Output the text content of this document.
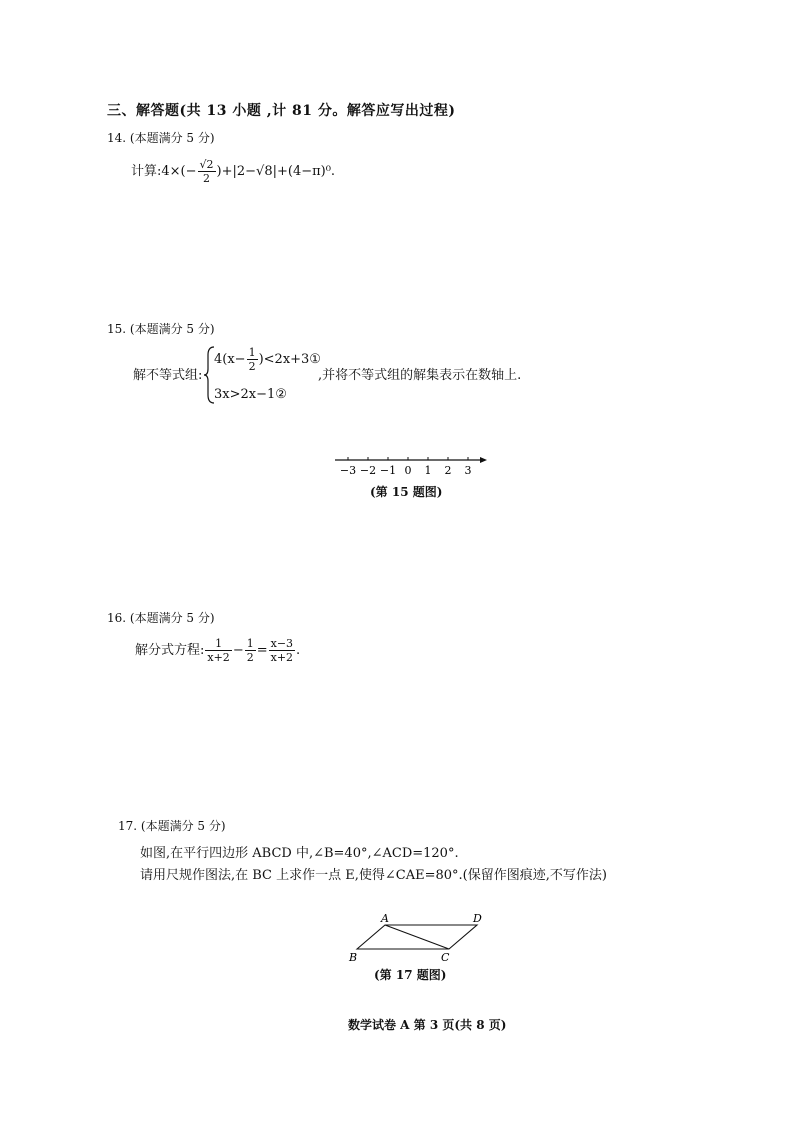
三、解答题(共 13 小题 ,计 81 分。解答应写出过程)
14. (本题满分 5 分)
计算:4×(− $\frac{√2}{2} )+|2-√8|+(4-\pi)^0$.
15. (本题满分 5 分)
解不等式组:
$4(x- \frac{1}{2}$ )<2x+3①
3x>2x−1②
,并将不等式组的解集表示在数轴上.
−3 −2 −1 0 1 2 3
(第 15 题图)
16. (本题满分 5 分)
解分式方程: $\frac{1}{x+2} - \frac{1}{2} = \frac{x-3}{x+2}$ .
17. (本题满分 5 分)
如图,在平行四边形 ABCD 中,∠B=40°,∠ACD=120°.
请用尺规作图法,在 BC 上求作一点 E,使得∠CAE=80°.(保留作图痕迹,不写作法)
A	D
B	C
(第 17 题图)
数学试卷 A 第 3 页(共 8 页)
